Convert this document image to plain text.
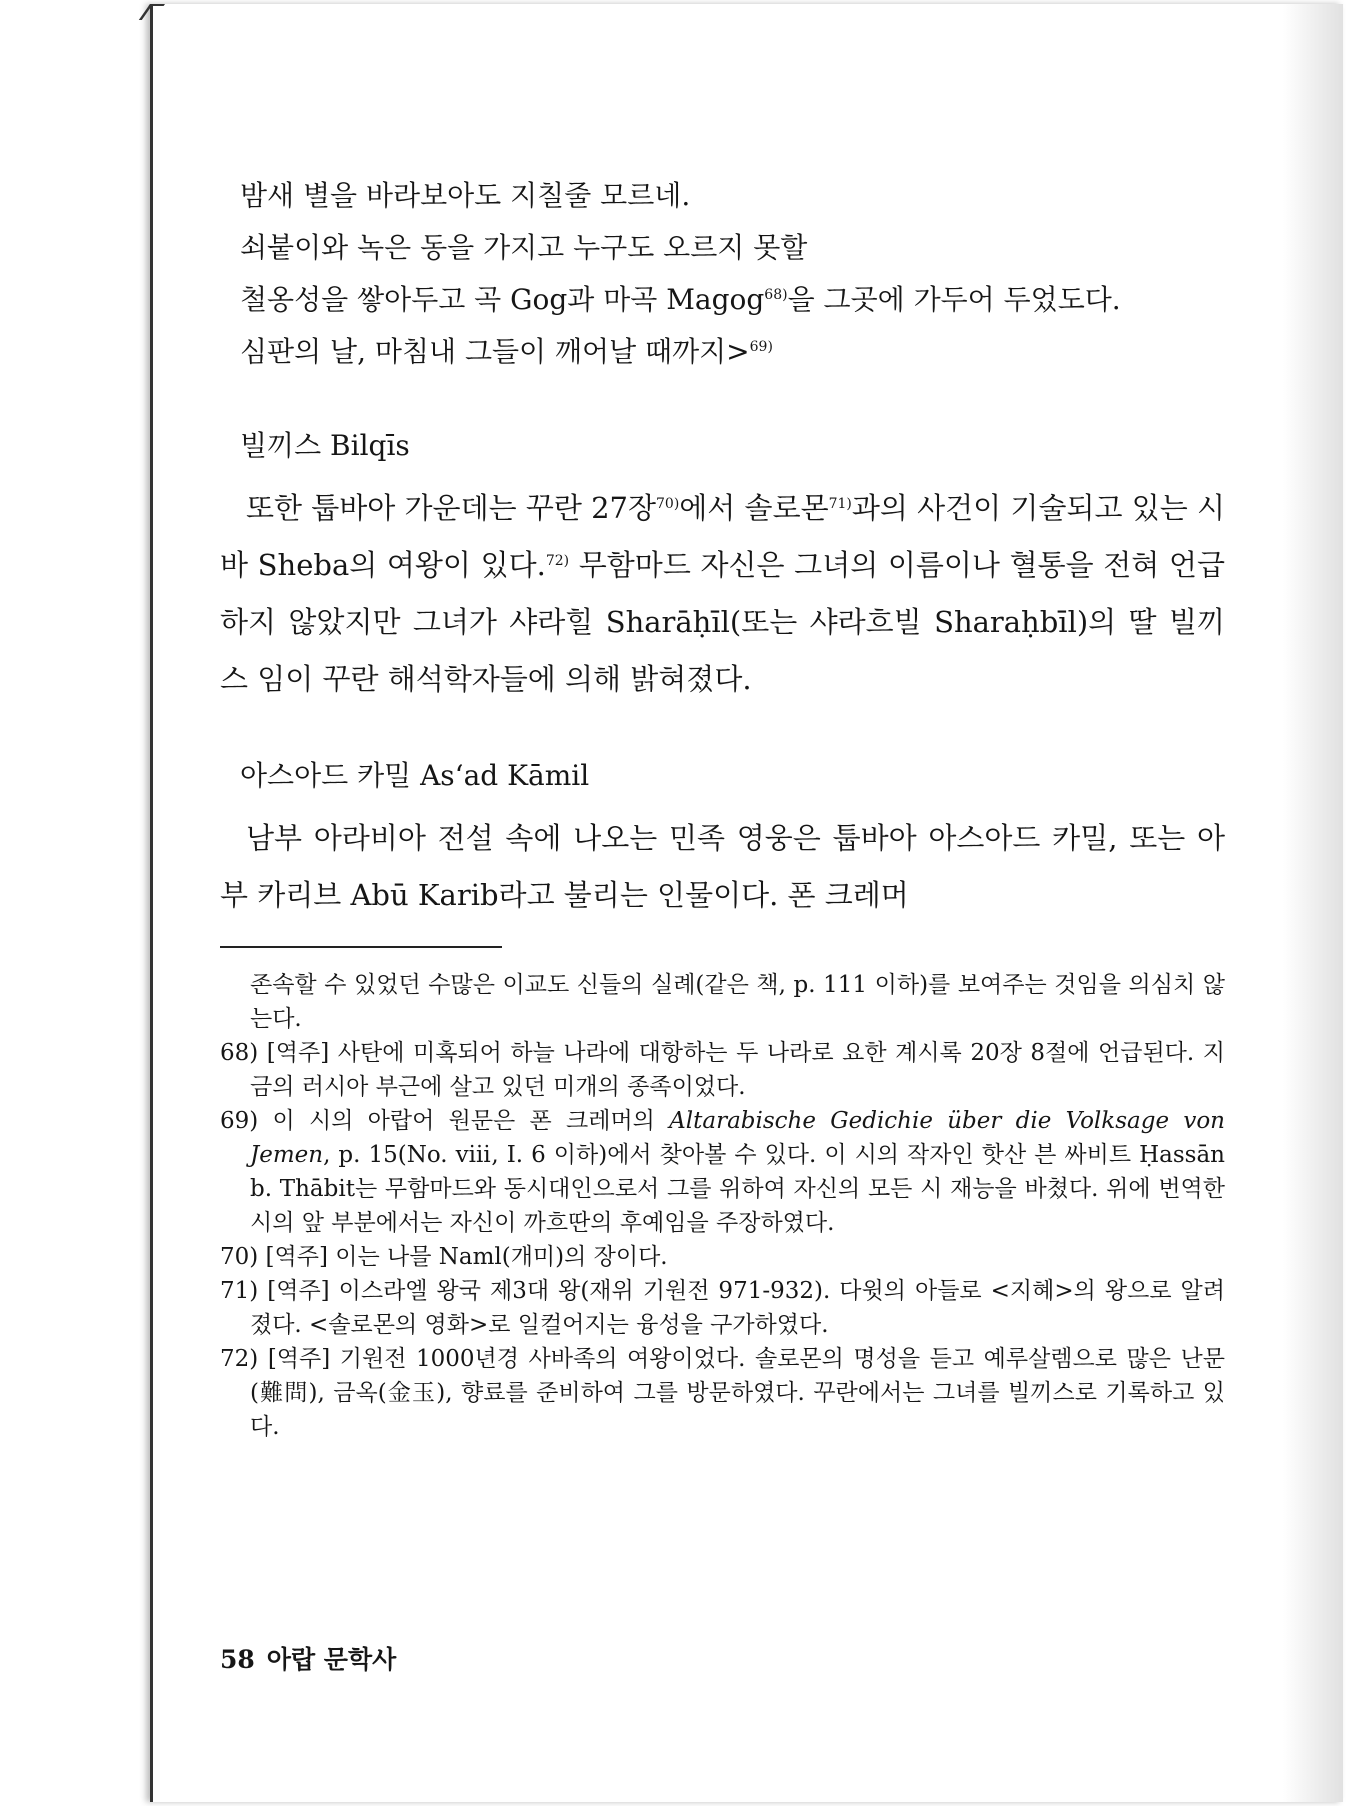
밤새 별을 바라보아도 지칠줄 모르네.
쇠붙이와 녹은 동을 가지고 누구도 오르지 못할
철옹성을 쌓아두고 곡 Gog과 마곡 Magog$^{68)}$을 그곳에 가두어 두었도다.
심판의 날, 마침내 그들이 깨어날 때까지>$^{69)}$
빌끼스 Bilqīs

또한 툽바아 가운데는 꾸란 27장$^{70)}$에서 솔로몬$^{71)}$과의 사건이 기술되고 있는 시바 Sheba의 여왕이 있다.$^{72)}$ 무함마드 자신은 그녀의 이름이나 혈통을 전혀 언급하지 않았지만 그녀가 샤라힐 Sharāḥīl(또는 샤라흐빌 Sharaḥbīl)의 딸 빌끼스 임이 꾸란 해석학자들에 의해 밝혀졌다.

아스아드 카밀 As‘ad Kāmil

남부 아라비아 전설 속에 나오는 민족 영웅은 툽바아 아스아드 카밀, 또는 아부 카리브 Abū Karib라고 불리는 인물이다. 폰 크레머

존속할 수 있었던 수많은 이교도 신들의 실례(같은 책, p. 111 이하)를 보여주는 것임을 의심치 않는다.
68) [역주] 사탄에 미혹되어 하늘 나라에 대항하는 두 나라로 요한 계시록 20장 8절에 언급된다. 지금의 러시아 부근에 살고 있던 미개의 종족이었다.
69) 이 시의 아랍어 원문은 폰 크레머의 Altarabische Gedichie über die Volksage von Jemen, p. 15(No. ⅷ, I. 6 이하)에서 찾아볼 수 있다. 이 시의 작자인 핫산 븐 싸비트 Ḥassān b. Thābit는 무함마드와 동시대인으로서 그를 위하여 자신의 모든 시 재능을 바쳤다. 위에 번역한 시의 앞 부분에서는 자신이 까흐딴의 후예임을 주장하였다.
70) [역주] 이는 나믈 Naml(개미)의 장이다.
71) [역주] 이스라엘 왕국 제3대 왕(재위 기원전 971-932). 다윗의 아들로 <지혜>의 왕으로 알려졌다. <솔로몬의 영화>로 일컬어지는 융성을 구가하였다.
72) [역주] 기원전 1000년경 사바족의 여왕이었다. 솔로몬의 명성을 듣고 예루살렘으로 많은 난문(難問), 금옥(金玉), 향료를 준비하여 그를 방문하였다. 꾸란에서는 그녀를 빌끼스로 기록하고 있다.
58 아랍 문학사
